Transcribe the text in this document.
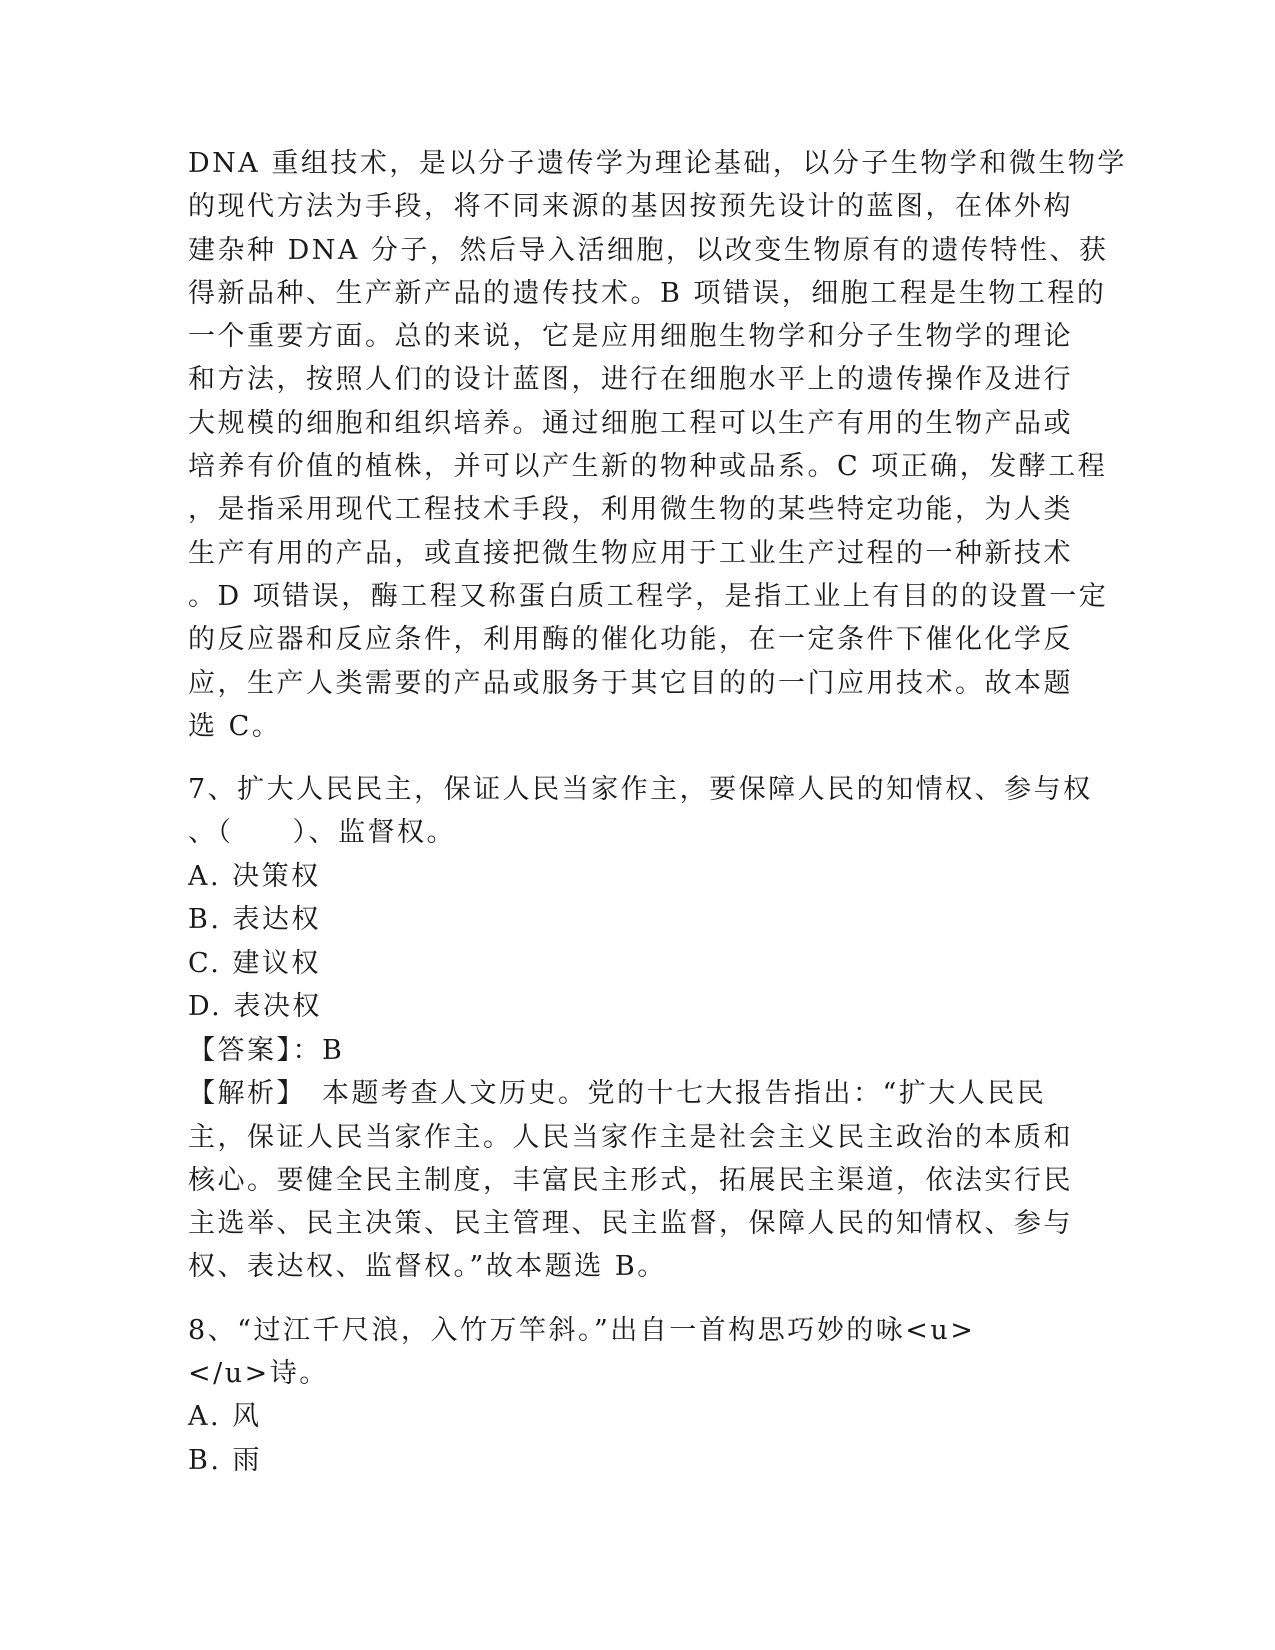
DNA 重组技术，是以分子遗传学为理论基础，以分子生物学和微生物学
的现代方法为手段，将不同来源的基因按预先设计的蓝图，在体外构
建杂种 DNA 分子，然后导入活细胞，以改变生物原有的遗传特性、获
得新品种、生产新产品的遗传技术。B 项错误，细胞工程是生物工程的
一个重要方面。总的来说，它是应用细胞生物学和分子生物学的理论
和方法，按照人们的设计蓝图，进行在细胞水平上的遗传操作及进行
大规模的细胞和组织培养。通过细胞工程可以生产有用的生物产品或
培养有价值的植株，并可以产生新的物种或品系。C 项正确，发酵工程
，是指采用现代工程技术手段，利用微生物的某些特定功能，为人类
生产有用的产品，或直接把微生物应用于工业生产过程的一种新技术
。D 项错误，酶工程又称蛋白质工程学，是指工业上有目的的设置一定
的反应器和反应条件，利用酶的催化功能，在一定条件下催化化学反
应，生产人类需要的产品或服务于其它目的的一门应用技术。故本题
选 C。
7、扩大人民民主，保证人民当家作主，要保障人民的知情权、参与权
、（　　）、监督权。
A. 决策权
B. 表达权
C. 建议权
D. 表决权
【答案】：B
【解析】　本题考查人文历史。党的十七大报告指出：“扩大人民民
主，保证人民当家作主。人民当家作主是社会主义民主政治的本质和
核心。要健全民主制度，丰富民主形式，拓展民主渠道，依法实行民
主选举、民主决策、民主管理、民主监督，保障人民的知情权、参与
权、表达权、监督权。”故本题选 B。
8、“过江千尺浪，入竹万竿斜。”出自一首构思巧妙的咏<u>
</u>诗。
A. 风
B. 雨
